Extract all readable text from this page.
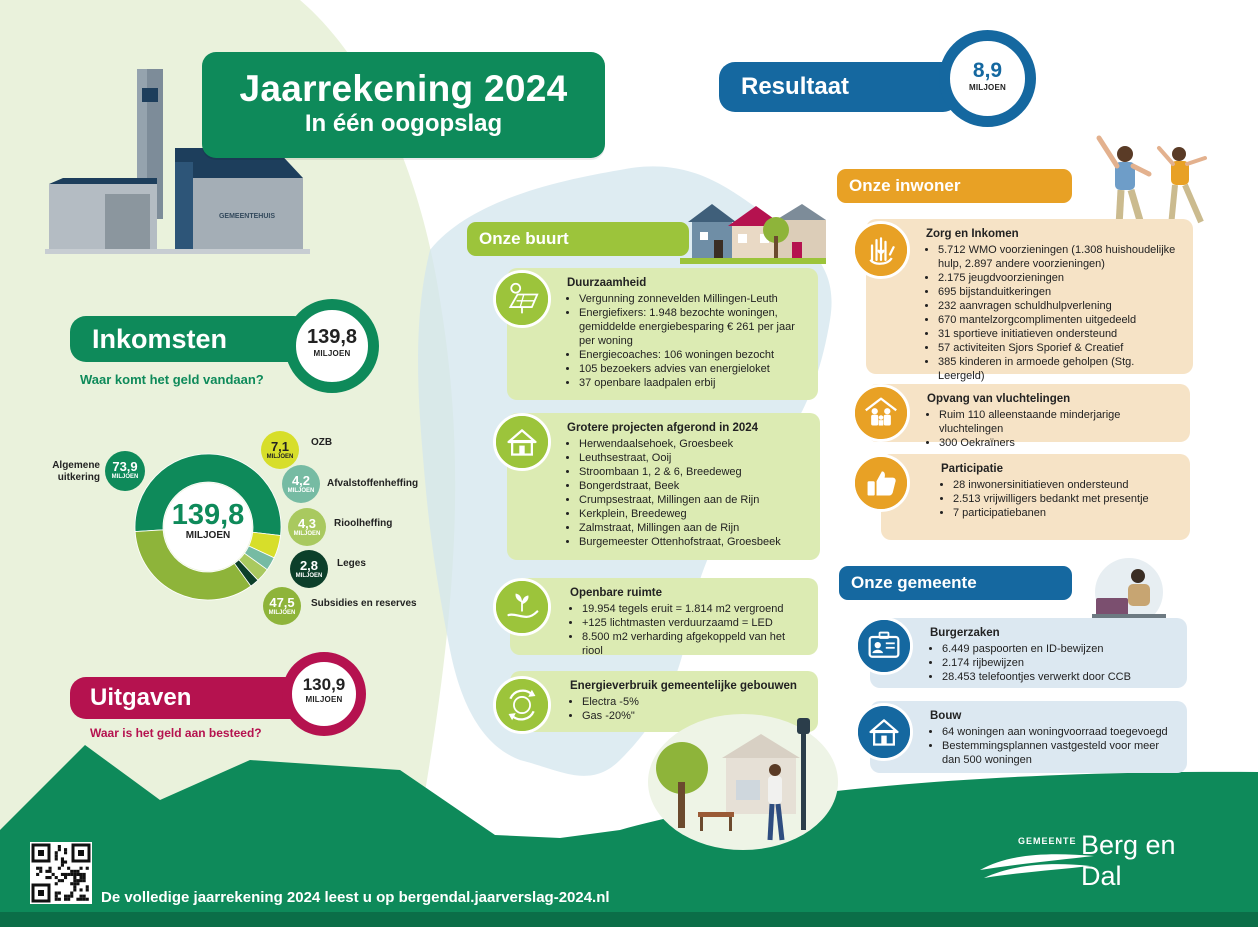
GEMEENTEHUIS
Jaarrekening 2024
In één oogopslag
Resultaat
8,9
MILJOEN
Inkomsten	139,8
MILJOEN
Waar komt het geld vandaan?
139,8
MILJOEN
Algemene uitkering
73,9
MILJOEN
7,1
MILJOEN
OZB
4,2
MILJOEN
Afvalstoffenheffing
4,3
MILJOEN
Rioolheffing
2,8
MILJOEN
Leges
47,5
MILJOEN
Subsidies en reserves
Uitgaven	130,9
MILJOEN
Waar is het geld aan besteed?
Onze buurt
Duurzaamheid
• Vergunning zonnevelden Millingen-Leuth
• Energiefixers: 1.948 bezochte woningen, gemiddelde energiebesparing € 261 per jaar per woning
• Energiecoaches: 106 woningen bezocht
• 105 bezoekers advies van energieloket
• 37 openbare laadpalen erbij
Grotere projecten afgerond in 2024
• Herwendaalsehoek, Groesbeek
• Leuthsestraat, Ooij
• Stroombaan 1, 2 & 6, Breedeweg
• Bongerdstraat, Beek
• Crumpsestraat, Millingen aan de Rijn
• Kerkplein, Breedeweg
• Zalmstraat, Millingen aan de Rijn
• Burgemeester Ottenhofstraat, Groesbeek
Openbare ruimte
• 19.954 tegels eruit = 1.814 m2 vergroend
• +125 lichtmasten verduurzaamd = LED
• 8.500 m2 verharding afgekoppeld van het riool
Energieverbruik gemeentelijke gebouwen
• Electra -5%
• Gas -20%"
Onze inwoner
Zorg en Inkomen
• 5.712 WMO voorzieningen (1.308 huishoudelijke hulp, 2.897 andere voorzieningen)
• 2.175 jeugdvoorzieningen
• 695 bijstanduitkeringen
• 232 aanvragen schuldhulpverlening
• 670 mantelzorgcomplimenten uitgedeeld
• 31 sportieve initiatieven ondersteund
• 57 activiteiten Sjors Sporief & Creatief
• 385 kinderen in armoede geholpen (Stg. Leergeld)
Opvang van vluchtelingen
• Ruim 110 alleenstaande minderjarige vluchtelingen
• 300 Oekraïners
Participatie
• 28 inwonersinitiatieven ondersteund
• 2.513 vrijwilligers bedankt met presentje
• 7 participatiebanen
Onze gemeente
Burgerzaken
• 6.449 paspoorten en ID-bewijzen
• 2.174 rijbewijzen
• 28.453 telefoontjes verwerkt door CCB
Bouw
• 64 woningen aan woningvoorraad toegevoegd
• Bestemmingsplannen vastgesteld voor meer dan 500 woningen
De volledige jaarrekening 2024 leest u op bergendal.jaarverslag-2024.nl
GEMEENTE Berg en Dal
